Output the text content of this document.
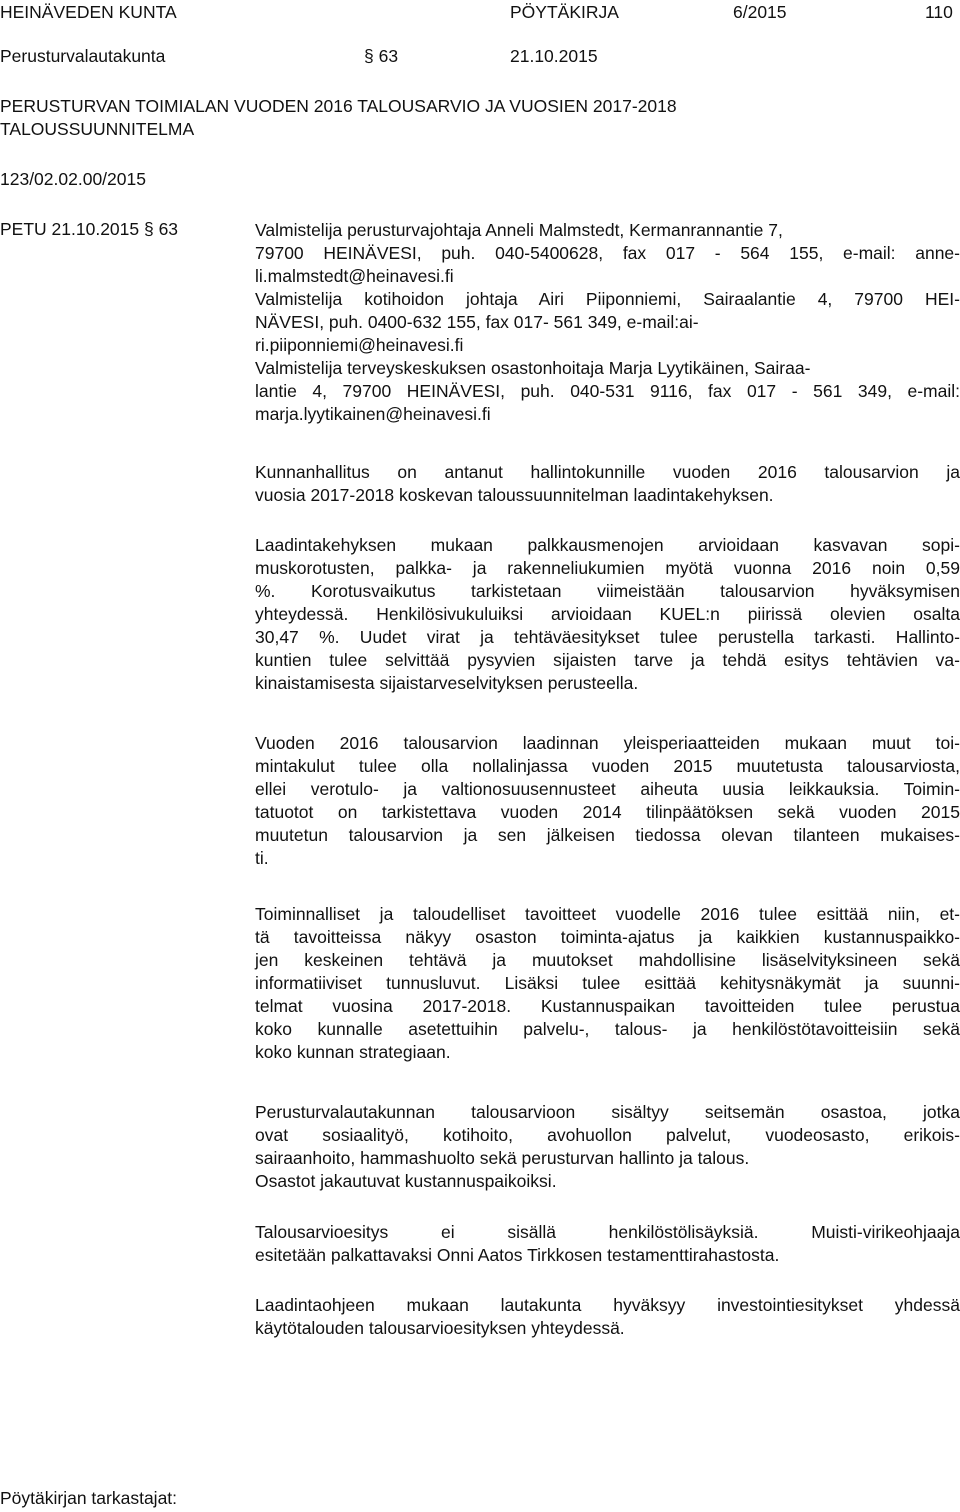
HEINÄVEDEN KUNTA	PÖYTÄKIRJA	6/2015	110
Perusturvalautakunta	§ 63	21.10.2015
PERUSTURVAN TOIMIALAN VUODEN 2016 TALOUSARVIO JA VUOSIEN 2017-2018
TALOUSSUUNNITELMA
123/02.02.00/2015
PETU 21.10.2015 § 63	Valmistelija perusturvajohtaja Anneli Malmstedt, Kermanrannantie 7,
79700 HEINÄVESI, puh. 040-5400628, fax 017 - 564 155, e-mail: anne-
li.malmstedt@heinavesi.fi
Valmistelija kotihoidon johtaja Airi Piiponniemi, Sairaalantie 4, 79700 HEI-
NÄVESI, puh. 0400-632 155, fax 017- 561 349, e-mail:ai-
ri.piiponniemi@heinavesi.fi
Valmistelija terveyskeskuksen osastonhoitaja Marja Lyytikäinen, Sairaa-
lantie 4, 79700 HEINÄVESI, puh. 040-531 9116, fax 017 - 561 349, e-mail:
marja.lyytikainen@heinavesi.fi
Kunnanhallitus on antanut hallintokunnille vuoden 2016 talousarvion ja
vuosia 2017-2018 koskevan taloussuunnitelman laadintakehyksen.
Laadintakehyksen mukaan palkkausmenojen arvioidaan kasvavan sopi-
muskorotusten, palkka- ja rakenneliukumien myötä vuonna 2016 noin 0,59
%. Korotusvaikutus tarkistetaan viimeistään talousarvion hyväksymisen
yhteydessä. Henkilösivukuluiksi arvioidaan KUEL:n piirissä olevien osalta
30,47 %. Uudet virat ja tehtäväesitykset tulee perustella tarkasti. Hallinto-
kuntien tulee selvittää pysyvien sijaisten tarve ja tehdä esitys tehtävien va-
kinaistamisesta sijaistarveselvityksen perusteella.
Vuoden 2016 talousarvion laadinnan yleisperiaatteiden mukaan muut toi-
mintakulut tulee olla nollalinjassa vuoden 2015 muutetusta talousarviosta,
ellei verotulo- ja valtionosuusennusteet aiheuta uusia leikkauksia. Toimin-
tatuotot on tarkistettava vuoden 2014 tilinpäätöksen sekä vuoden 2015
muutetun talousarvion ja sen jälkeisen tiedossa olevan tilanteen mukaises-
ti.
Toiminnalliset ja taloudelliset tavoitteet vuodelle 2016 tulee esittää niin, et-
tä tavoitteissa näkyy osaston toiminta-ajatus ja kaikkien kustannuspaikko-
jen keskeinen tehtävä ja muutokset mahdollisine lisäselvityksineen sekä
informatiiviset tunnusluvut. Lisäksi tulee esittää kehitysnäkymät ja suunni-
telmat vuosina 2017-2018. Kustannuspaikan tavoitteiden tulee perustua
koko kunnalle asetettuihin palvelu-, talous- ja henkilöstötavoitteisiin sekä
koko kunnan strategiaan.
Perusturvalautakunnan talousarvioon sisältyy seitsemän osastoa, jotka
ovat sosiaalityö, kotihoito, avohuollon palvelut, vuodeosasto, erikois-
sairaanhoito, hammashuolto sekä perusturvan hallinto ja talous.
Osastot jakautuvat kustannuspaikoiksi.
Talousarvioesitys ei sisällä henkilöstölisäyksiä. Muisti-virikeohjaaja
esitetään palkattavaksi Onni Aatos Tirkkosen testamenttirahastosta.
Laadintaohjeen mukaan lautakunta hyväksyy investointiesitykset yhdessä
käytötalouden talousarvioesityksen yhteydessä.
Pöytäkirjan tarkastajat:
